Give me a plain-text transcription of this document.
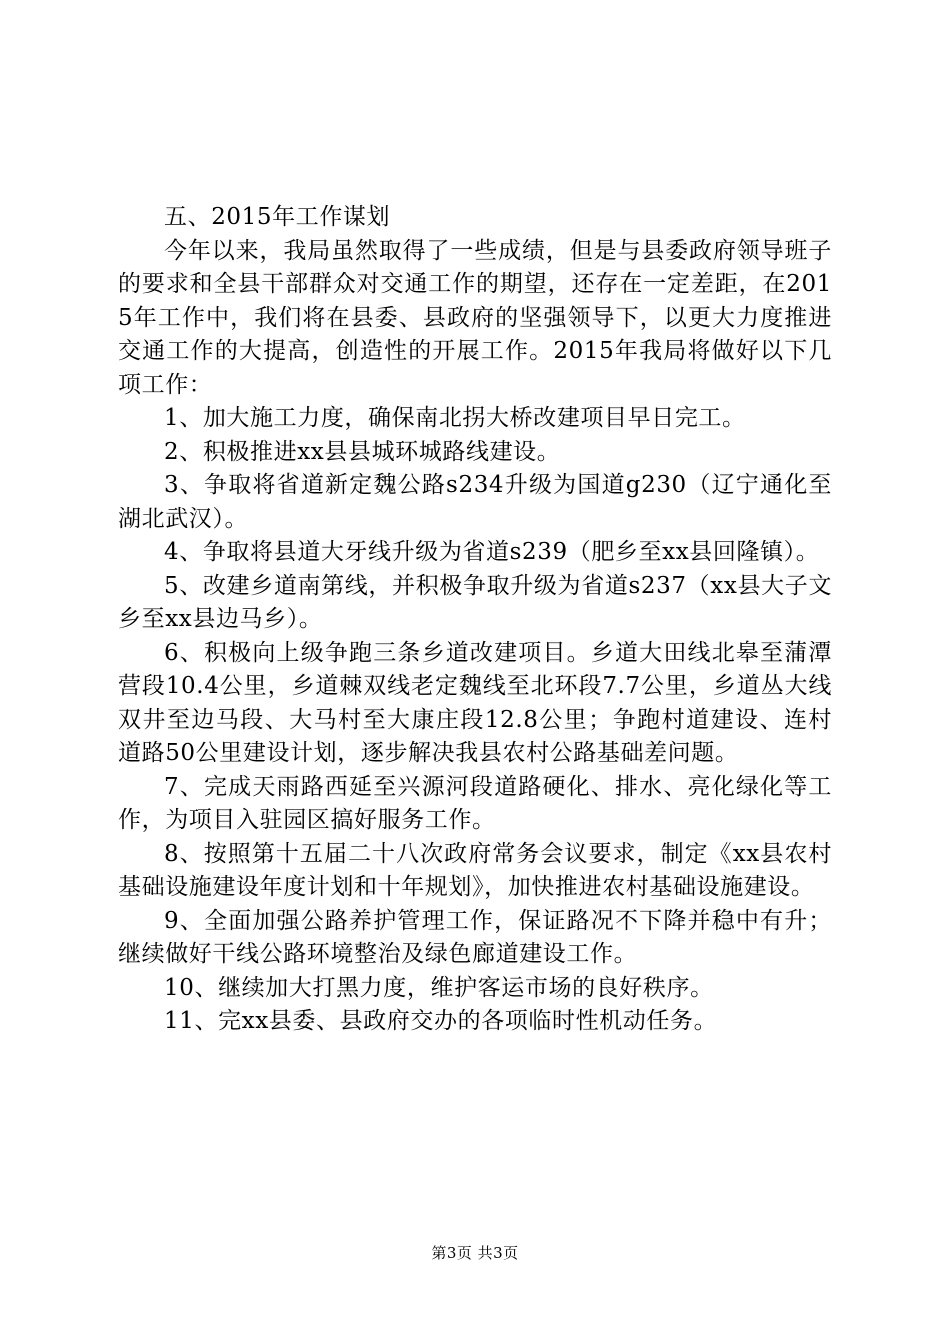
五、2015年工作谋划

今年以来，我局虽然取得了一些成绩，但是与县委政府领导班子的要求和全县干部群众对交通工作的期望，还存在一定差距，在2015年工作中，我们将在县委、县政府的坚强领导下，以更大力度推进交通工作的大提高，创造性的开展工作。2015年我局将做好以下几项工作：

1、加大施工力度，确保南北拐大桥改建项目早日完工。

2、积极推进xx县县城环城路线建设。

3、争取将省道新定魏公路s234升级为国道g230（辽宁通化至湖北武汉）。

4、争取将县道大牙线升级为省道s239（肥乡至xx县回隆镇）。

5、改建乡道南第线，并积极争取升级为省道s237（xx县大子文乡至xx县边马乡）。

6、积极向上级争跑三条乡道改建项目。乡道大田线北皋至蒲潭营段10.4公里，乡道棘双线老定魏线至北环段7.7公里，乡道丛大线双井至边马段、大马村至大康庄段12.8公里；争跑村道建设、连村道路50公里建设计划，逐步解决我县农村公路基础差问题。

7、完成天雨路西延至兴源河段道路硬化、排水、亮化绿化等工作，为项目入驻园区搞好服务工作。

8、按照第十五届二十八次政府常务会议要求，制定《xx县农村基础设施建设年度计划和十年规划》，加快推进农村基础设施建设。

9、全面加强公路养护管理工作，保证路况不下降并稳中有升；继续做好干线公路环境整治及绿色廊道建设工作。

10、继续加大打黑力度，维护客运市场的良好秩序。

11、完xx县委、县政府交办的各项临时性机动任务。

第3页 共3页
